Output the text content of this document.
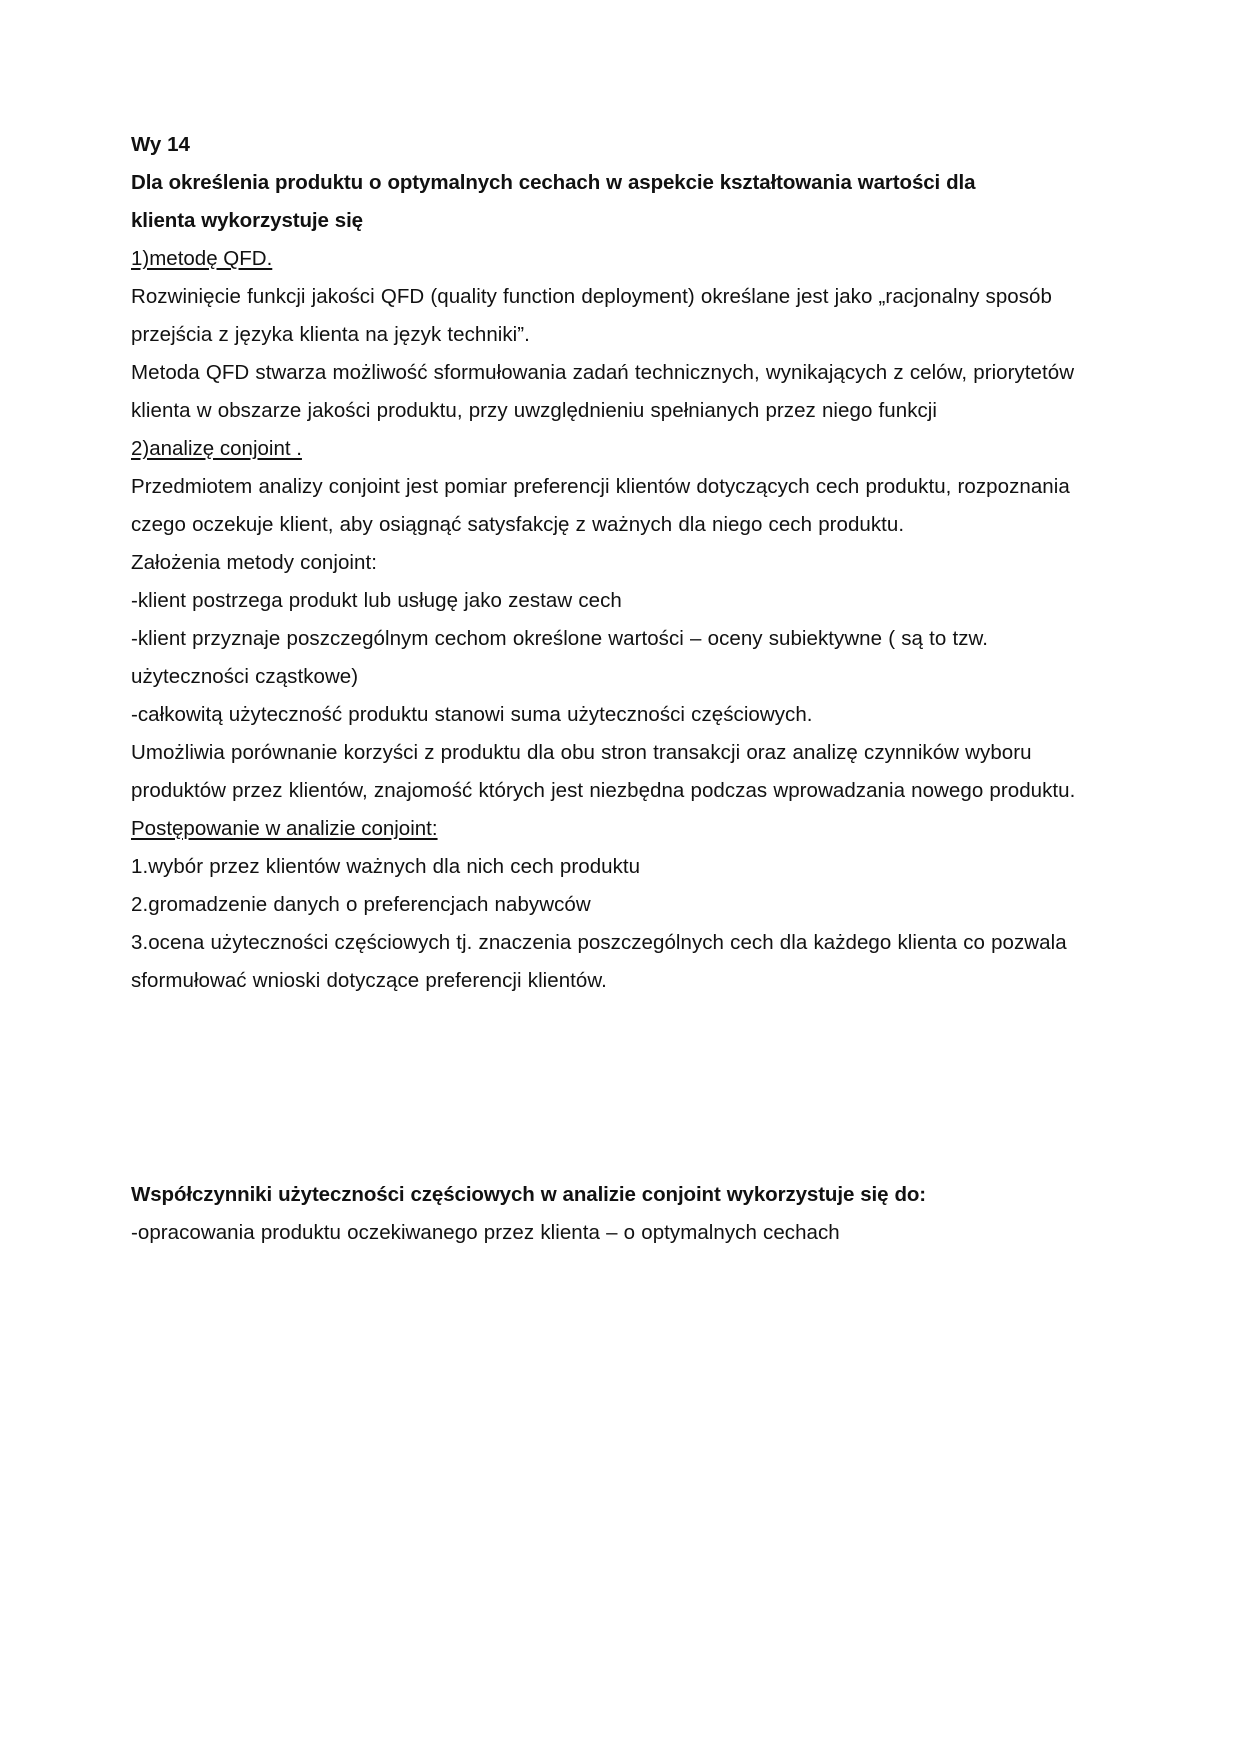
Wy 14
Dla określenia produktu o optymalnych cechach w aspekcie kształtowania wartości dla klienta wykorzystuje się
1)metodę QFD.

Rozwinięcie funkcji jakości QFD (quality function deployment) określane jest jako „racjonalny sposób przejścia z języka klienta na język techniki”.

Metoda QFD stwarza możliwość sformułowania zadań technicznych, wynikających z celów, priorytetów klienta w obszarze jakości produktu, przy uwzględnieniu spełnianych przez niego funkcji

2)analizę conjoint .

Przedmiotem analizy conjoint jest pomiar preferencji klientów dotyczących cech produktu, rozpoznania czego oczekuje klient, aby osiągnąć satysfakcję z ważnych dla niego cech produktu.

Założenia metody conjoint:

-klient postrzega produkt lub usługę jako zestaw cech

-klient przyznaje poszczególnym cechom określone wartości – oceny subiektywne ( są to tzw. użyteczności cząstkowe)

-całkowitą użyteczność produktu stanowi suma użyteczności częściowych.

Umożliwia porównanie korzyści z produktu dla obu stron transakcji oraz analizę czynników wyboru produktów przez klientów, znajomość których jest niezbędna podczas wprowadzania nowego produktu.

Postępowanie w analizie conjoint:

1.wybór przez klientów ważnych dla nich cech produktu

2.gromadzenie danych o preferencjach nabywców

3.ocena użyteczności częściowych tj. znaczenia poszczególnych cech dla każdego klienta co pozwala sformułować wnioski dotyczące preferencji klientów.

Współczynniki użyteczności częściowych w analizie conjoint wykorzystuje się do:

-opracowania produktu oczekiwanego przez klienta – o optymalnych cechach
